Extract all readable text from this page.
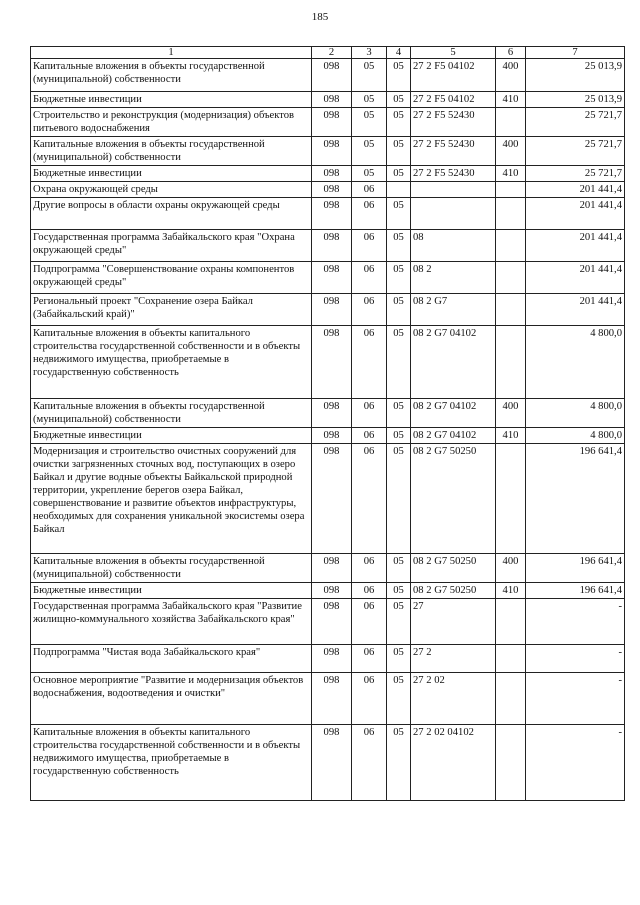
185
1	2	3	4	5	6	7
Капитальные вложения в объекты государственной (муниципальной) собственности	098	05	05	27 2 F5 04102	400	25 013,9
Бюджетные инвестиции	098	05	05	27 2 F5 04102	410	25 013,9
Строительство и реконструкция (модернизация) объектов питьевого водоснабжения	098	05	05	27 2 F5 52430		25 721,7
Капитальные вложения в объекты государственной (муниципальной) собственности	098	05	05	27 2 F5 52430	400	25 721,7
Бюджетные инвестиции	098	05	05	27 2 F5 52430	410	25 721,7
Охрана окружающей среды	098	06				201 441,4
Другие вопросы в области охраны окружающей среды	098	06	05			201 441,4
Государственная программа Забайкальского края "Охрана окружающей среды"	098	06	05	08		201 441,4
Подпрограмма "Совершенствование охраны компонентов окружающей среды"	098	06	05	08 2		201 441,4
Региональный проект "Сохранение озера Байкал (Забайкальский край)"	098	06	05	08 2 G7		201 441,4
Капитальные вложения в объекты капитального строительства государственной собственности и в объекты недвижимого имущества, приобретаемые в государственную собственность	098	06	05	08 2 G7 04102		4 800,0
Капитальные вложения в объекты государственной (муниципальной) собственности	098	06	05	08 2 G7 04102	400	4 800,0
Бюджетные инвестиции	098	06	05	08 2 G7 04102	410	4 800,0
Модернизация и строительство очистных сооружений для очистки загрязненных сточных вод, поступающих в озеро Байкал и другие водные объекты Байкальской природной территории, укрепление берегов озера Байкал, совершенствование и развитие объектов инфраструктуры, необходимых для сохранения уникальной экосистемы озера Байкал	098	06	05	08 2 G7 50250		196 641,4
Капитальные вложения в объекты государственной (муниципальной) собственности	098	06	05	08 2 G7 50250	400	196 641,4
Бюджетные инвестиции	098	06	05	08 2 G7 50250	410	196 641,4
Государственная программа Забайкальского края "Развитие жилищно-коммунального хозяйства Забайкальского края"	098	06	05	27		-
Подпрограмма "Чистая вода Забайкальского края"	098	06	05	27 2		-
Основное мероприятие "Развитие и модернизация объектов водоснабжения, водоотведения и очистки"	098	06	05	27 2 02		-
Капитальные вложения в объекты капитального строительства государственной собственности и в объекты недвижимого имущества, приобретаемые в государственную собственность	098	06	05	27 2 02 04102		-
